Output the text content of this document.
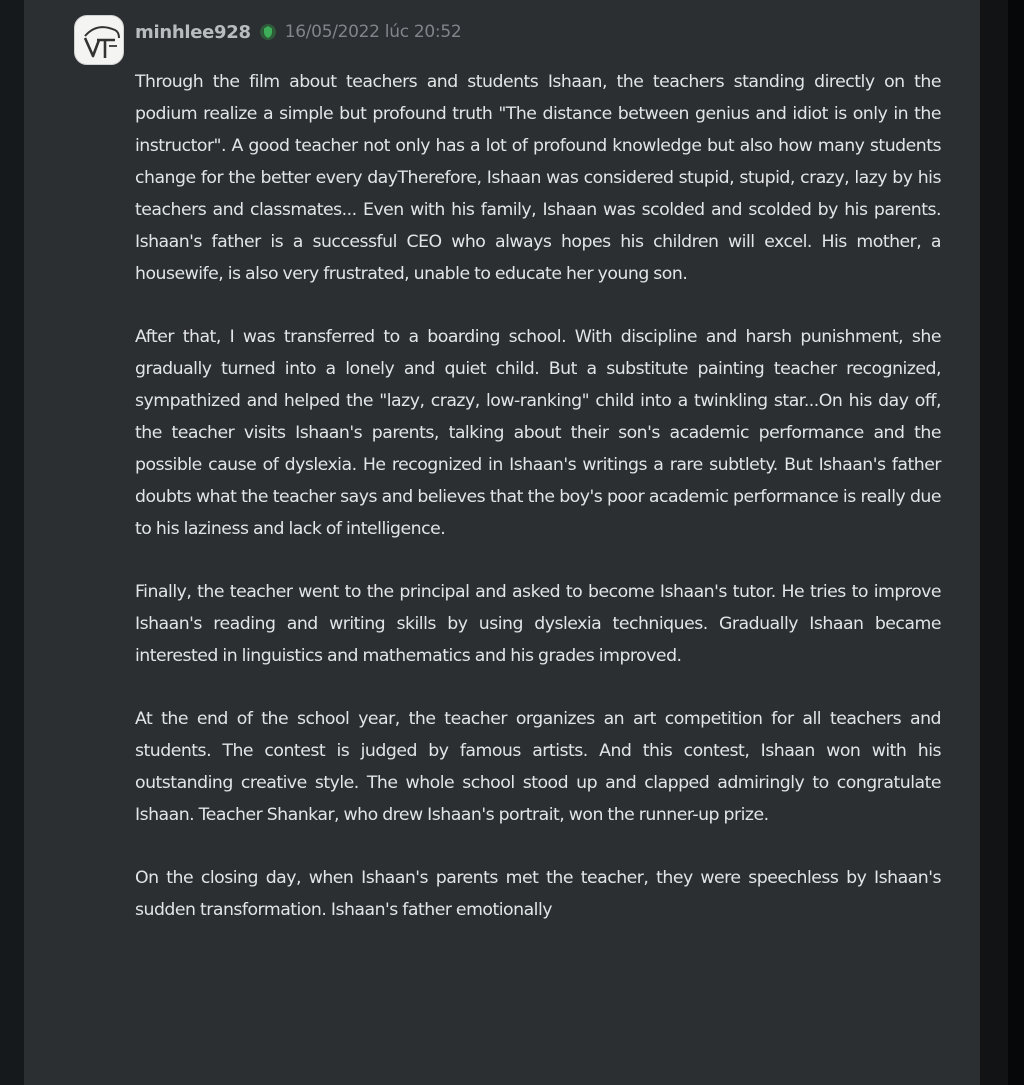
minhlee928 16/05/2022 lúc 20:52

Through the film about teachers and students Ishaan, the teachers standing directly on the podium realize a simple but profound truth "The distance between genius and idiot is only in the instructor". A good teacher not only has a lot of profound knowledge but also how many students change for the better every dayTherefore, Ishaan was considered stupid, stupid, crazy, lazy by his teachers and classmates... Even with his family, Ishaan was scolded and scolded by his parents. Ishaan's father is a successful CEO who always hopes his children will excel. His mother, a housewife, is also very frustrated, unable to educate her young son.

After that, I was transferred to a boarding school. With discipline and harsh punishment, she gradually turned into a lonely and quiet child. But a substitute painting teacher recognized, sympathized and helped the "lazy, crazy, low-ranking" child into a twinkling star...On his day off, the teacher visits Ishaan's parents, talking about their son's academic performance and the possible cause of dyslexia. He recognized in Ishaan's writings a rare subtlety. But Ishaan's father doubts what the teacher says and believes that the boy's poor academic performance is really due to his laziness and lack of intelligence.

Finally, the teacher went to the principal and asked to become Ishaan's tutor. He tries to improve Ishaan's reading and writing skills by using dyslexia techniques. Gradually Ishaan became interested in linguistics and mathematics and his grades improved.

At the end of the school year, the teacher organizes an art competition for all teachers and students. The contest is judged by famous artists. And this contest, Ishaan won with his outstanding creative style. The whole school stood up and clapped admiringly to congratulate Ishaan. Teacher Shankar, who drew Ishaan's portrait, won the runner-up prize.

On the closing day, when Ishaan's parents met the teacher, they were speechless by Ishaan's sudden transformation. Ishaan's father emotionally
